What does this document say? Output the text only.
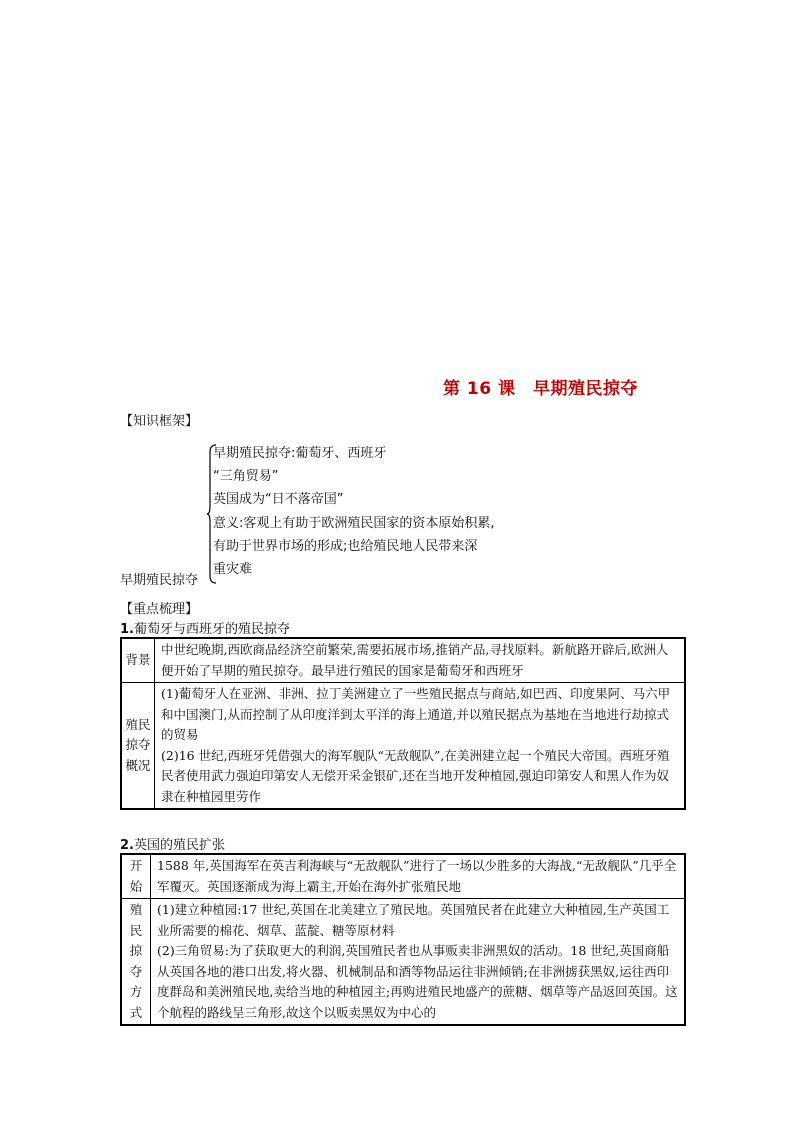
第 16 课　早期殖民掠夺
【知识框架】
早期殖民掠夺:葡萄牙、西班牙
“三角贸易”
英国成为“日不落帝国”
意义:客观上有助于欧洲殖民国家的资本原始积累,
有助于世界市场的形成;也给殖民地人民带来深
重灾难
早期殖民掠夺
【重点梳理】
1.葡萄牙与西班牙的殖民掠夺
背景	中世纪晚期,西欧商品经济空前繁荣,需要拓展市场,推销产品,寻找原料。新航路开辟后,欧洲人便开始了早期的殖民掠夺。最早进行殖民的国家是葡萄牙和西班牙

殖民掠夺概况	(1)葡萄牙人在亚洲、非洲、拉丁美洲建立了一些殖民据点与商站,如巴西、印度果阿、马六甲和中国澳门,从而控制了从印度洋到太平洋的海上通道,并以殖民据点为基地在当地进行劫掠式的贸易
(2)16 世纪,西班牙凭借强大的海军舰队“无敌舰队”,在美洲建立起一个殖民大帝国。西班牙殖民者使用武力强迫印第安人无偿开采金银矿,还在当地开发种植园,强迫印第安人和黑人作为奴隶在种植园里劳作
2.英国的殖民扩张
开始	1588 年,英国海军在英吉利海峡与“无敌舰队”进行了一场以少胜多的大海战,“无敌舰队”几乎全军覆灭。英国逐渐成为海上霸主,开始在海外扩张殖民地

殖民掠夺方式	(1)建立种植园:17 世纪,英国在北美建立了殖民地。英国殖民者在此建立大种植园,生产英国工业所需要的棉花、烟草、蓝靛、糖等原材料
(2)三角贸易:为了获取更大的利润,英国殖民者也从事贩卖非洲黑奴的活动。18 世纪,英国商船从英国各地的港口出发,将火器、机械制品和酒等物品运往非洲倾销;在非洲掳获黑奴,运往西印度群岛和美洲殖民地,卖给当地的种植园主;再购进殖民地盛产的蔗糖、烟草等产品返回英国。这个航程的路线呈三角形,故这个以贩卖黑奴为中心的
